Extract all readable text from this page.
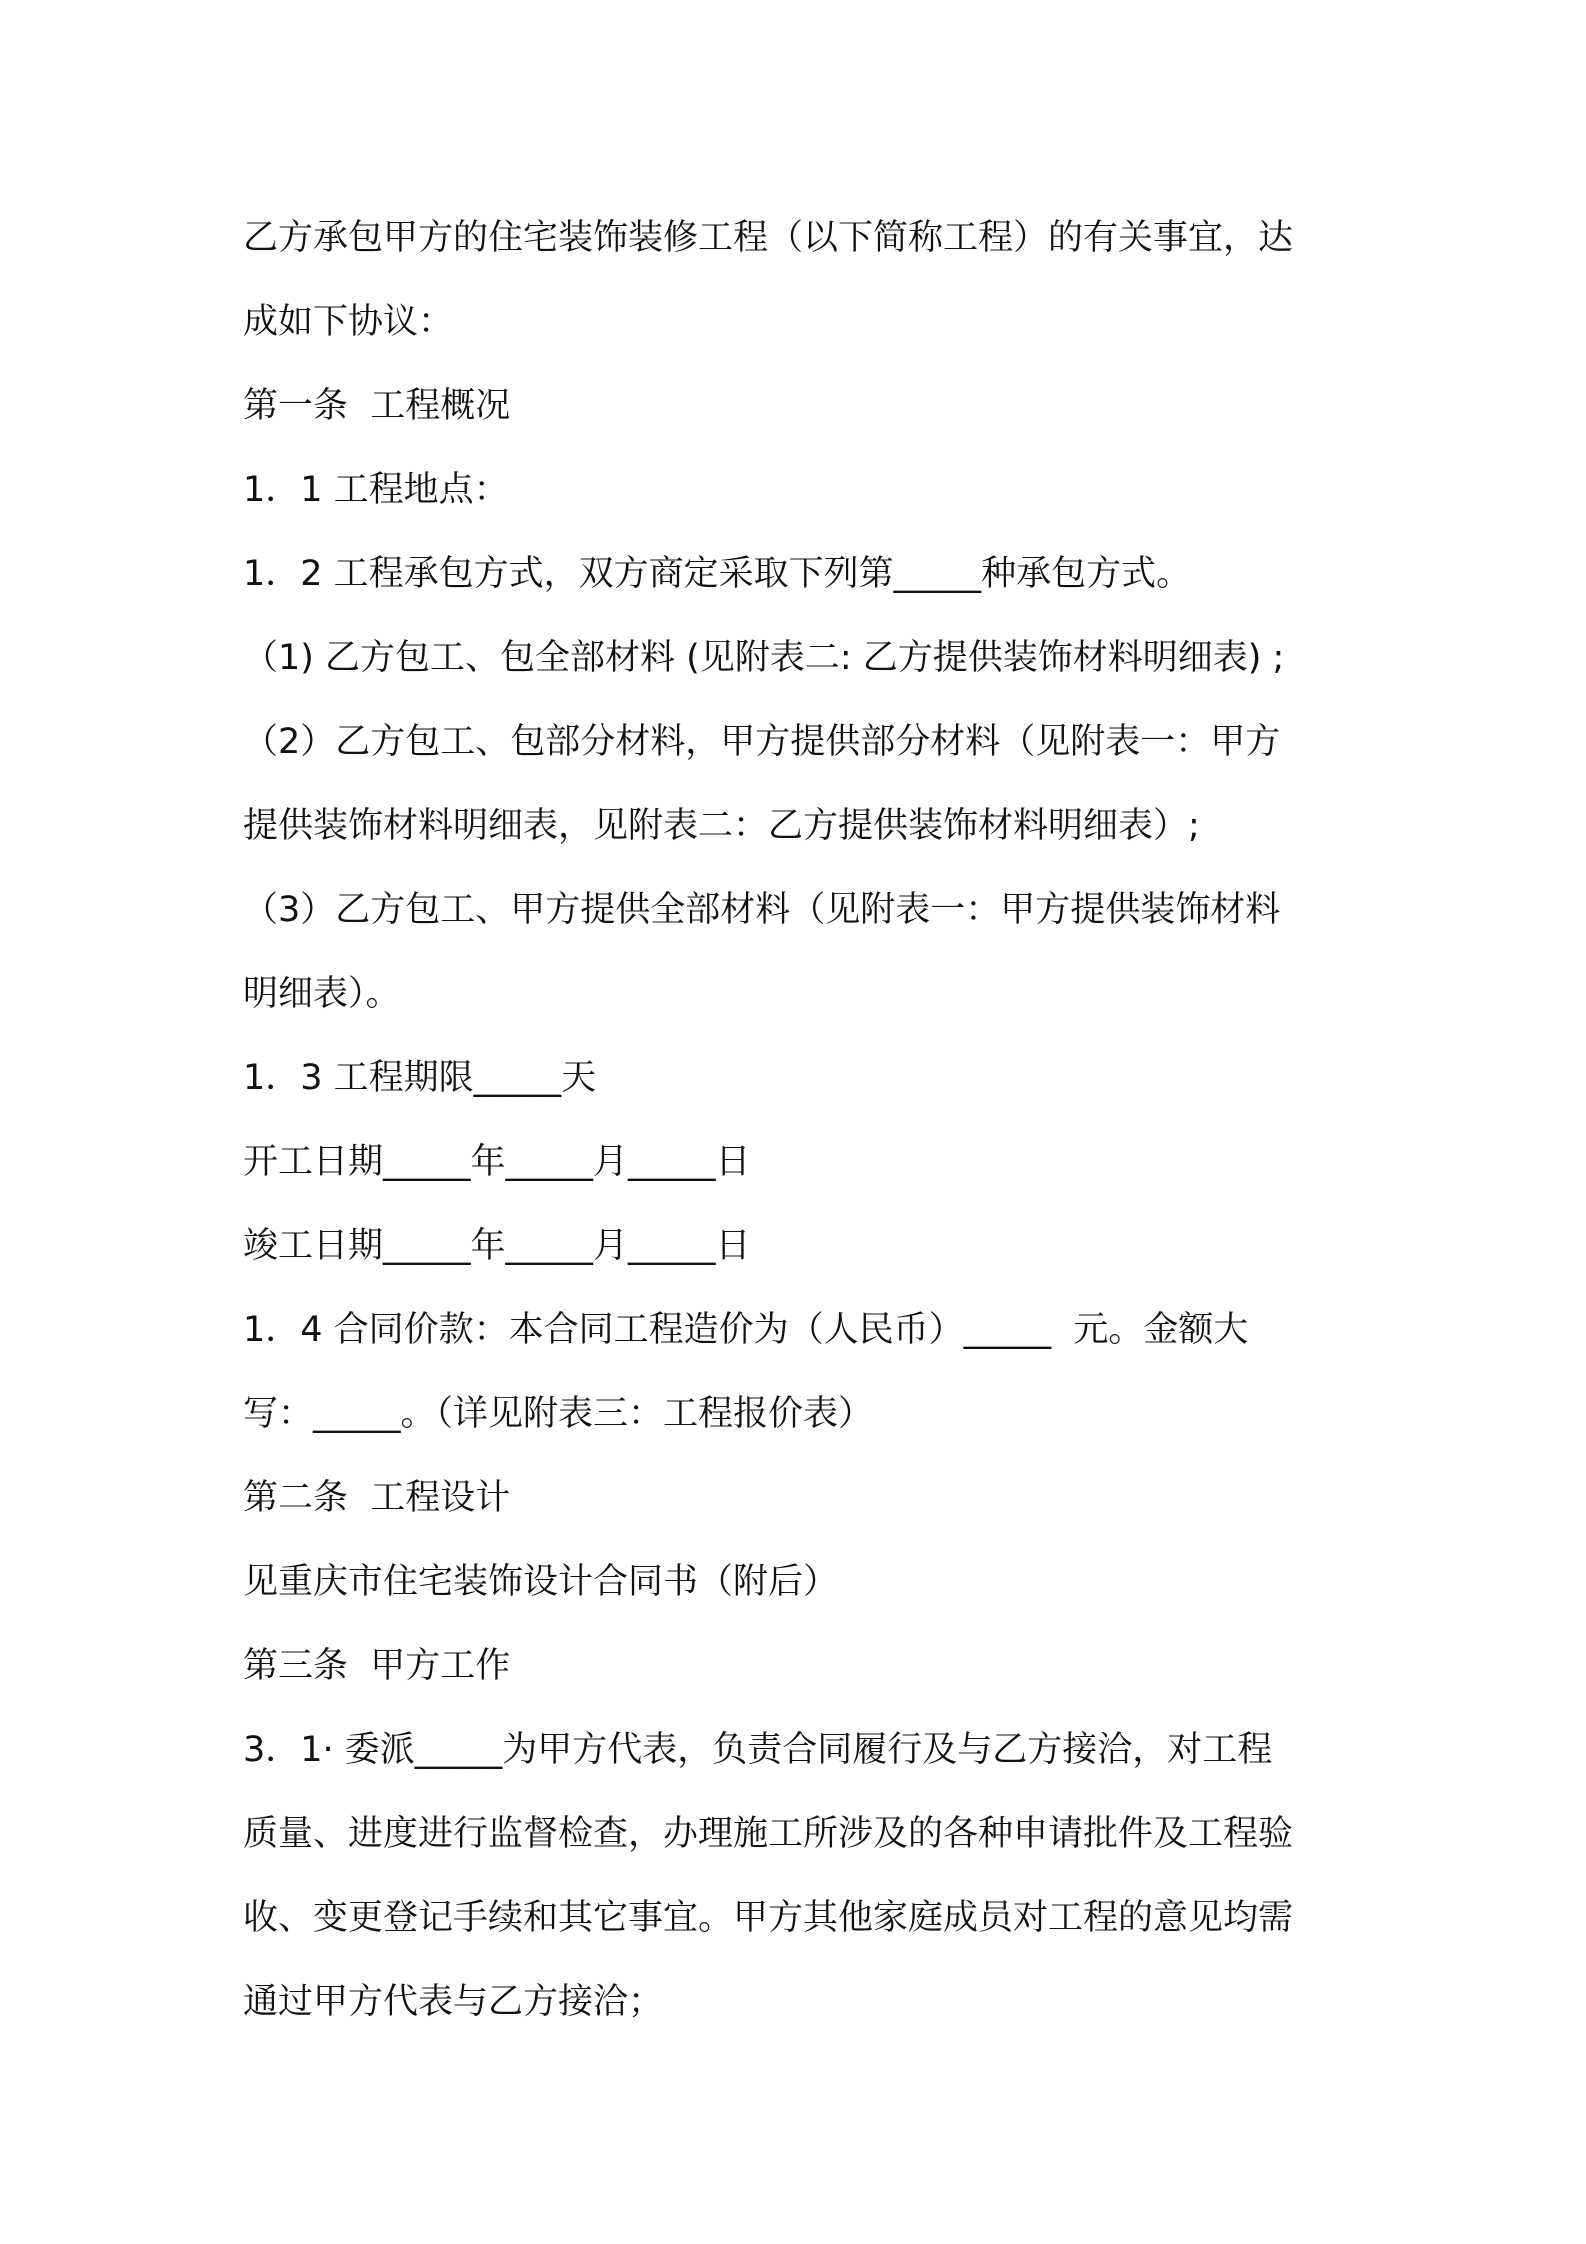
乙方承包甲方的住宅装饰装修工程（以下简称工程）的有关事宜，达
成如下协议：
第一条  工程概况
1．1 工程地点：
1．2 工程承包方式，双方商定采取下列第_____种承包方式。
（1) 乙方包工、包全部材料 (见附表二: 乙方提供装饰材料明细表) ;
（2）乙方包工、包部分材料，甲方提供部分材料（见附表一：甲方
提供装饰材料明细表，见附表二：乙方提供装饰材料明细表）;
（3）乙方包工、甲方提供全部材料（见附表一：甲方提供装饰材料
明细表）。
1．3 工程期限_____天
开工日期_____年_____月_____日
竣工日期_____年_____月_____日
1．4 合同价款：本合同工程造价为（人民币）_____  元。金额大
写：_____。（详见附表三：工程报价表）
第二条  工程设计
见重庆市住宅装饰设计合同书（附后）
第三条  甲方工作
3．1· 委派_____为甲方代表，负责合同履行及与乙方接洽，对工程
质量、进度进行监督检查，办理施工所涉及的各种申请批件及工程验
收、变更登记手续和其它事宜。甲方其他家庭成员对工程的意见均需
通过甲方代表与乙方接洽；
